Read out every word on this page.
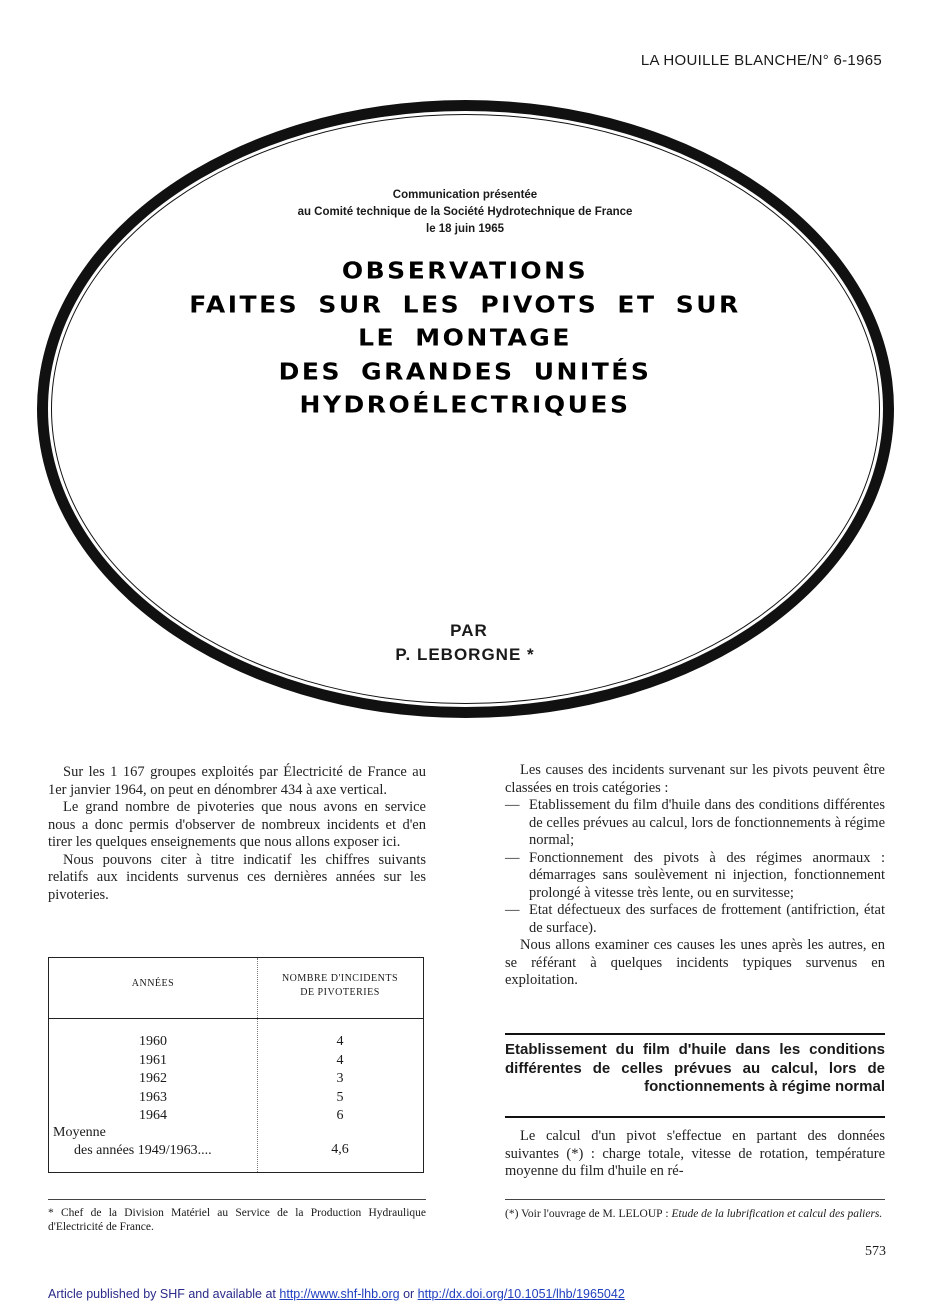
LA HOUILLE BLANCHE/N° 6-1965
Communication présentée
au Comité technique de la Société Hydrotechnique de France
le 18 juin 1965
OBSERVATIONS
FAITES SUR LES PIVOTS ET SUR
LE MONTAGE
DES GRANDES UNITÉS
HYDROÉLECTRIQUES
PAR
P. LEBORGNE *

Sur les 1 167 groupes exploités par Électricité de France au 1er janvier 1964, on peut en dénombrer 434 à axe vertical.

Le grand nombre de pivoteries que nous avons en service nous a donc permis d'observer de nombreux incidents et d'en tirer les quelques enseignements que nous allons exposer ici.

Nous pouvons citer à titre indicatif les chiffres suivants relatifs aux incidents survenus ces dernières années sur les pivoteries.

ANNÉES	NOMBRE D'INCIDENTS
DE PIVOTERIES
1960	4
1961	4
1962	3
1963	5
1964	6
Moyenne
des années 1949/1963....	4,6
* Chef de la Division Matériel au Service de la Production Hydraulique d'Electricité de France.

Les causes des incidents survenant sur les pivots peuvent être classées en trois catégories :

— Etablissement du film d'huile dans des conditions différentes de celles prévues au calcul, lors de fonctionnements à régime normal;
— Fonctionnement des pivots à des régimes anormaux : démarrages sans soulèvement ni injection, fonctionnement prolongé à vitesse très lente, ou en survitesse;
— Etat défectueux des surfaces de frottement (antifriction, état de surface).

Nous allons examiner ces causes les unes après les autres, en se référant à quelques incidents typiques survenus en exploitation.

Etablissement du film d'huile dans les conditions différentes de celles prévues au calcul, lors de fonctionnements à régime normal

Le calcul d'un pivot s'effectue en partant des données suivantes (*) : charge totale, vitesse de rotation, température moyenne du film d'huile en ré-

(*) Voir l'ouvrage de M. LELOUP : Etude de la lubrification et calcul des paliers.
573
Article published by SHF and available at http://www.shf-lhb.org or http://dx.doi.org/10.1051/lhb/1965042
